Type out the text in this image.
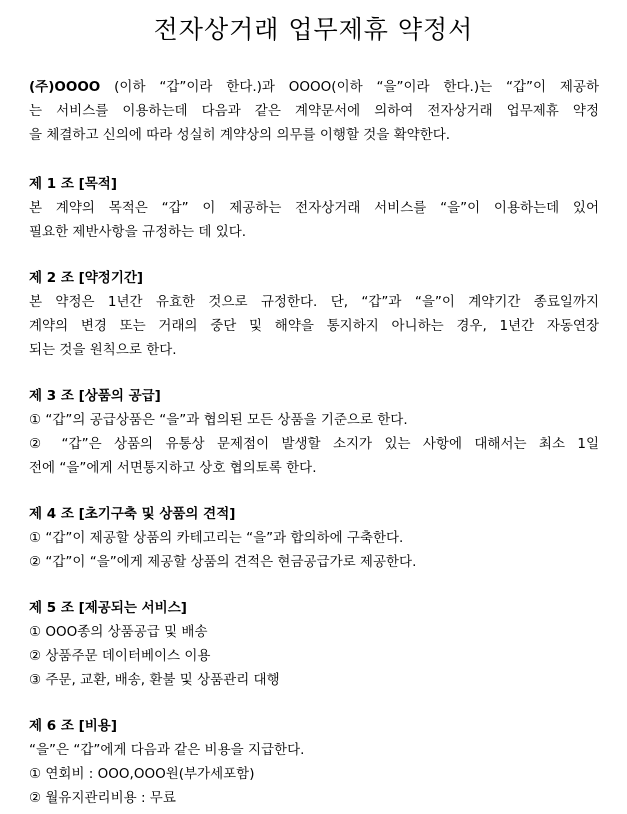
전자상거래 업무제휴 약정서
(주)OOOO (이하 “갑”이라 한다.)과 OOOO(이하 “을”이라 한다.)는 “갑”이 제공하
는 서비스를 이용하는데 다음과 같은 계약문서에 의하여 전자상거래 업무제휴 약정
을 체결하고 신의에 따라 성실히 계약상의 의무를 이행할 것을 확약한다.
제 1 조 [목적]
본 계약의 목적은 “갑” 이 제공하는 전자상거래 서비스를 “을”이 이용하는데 있어
필요한 제반사항을 규정하는 데 있다.
제 2 조 [약정기간]
본 약정은 1년간 유효한 것으로 규정한다. 단, “갑”과 “을”이 계약기간 종료일까지
계약의 변경 또는 거래의 중단 및 해약을 통지하지 아니하는 경우, 1년간 자동연장
되는 것을 원칙으로 한다.
제 3 조 [상품의 공급]
① “갑”의 공급상품은 “을”과 협의된 모든 상품을 기준으로 한다.
② “갑”은 상품의 유통상 문제점이 발생할 소지가 있는 사항에 대해서는 최소 1일
전에 “을”에게 서면통지하고 상호 협의토록 한다.
제 4 조 [초기구축 및 상품의 견적]
① “갑”이 제공할 상품의 카테고리는 “을”과 합의하에 구축한다.
② “갑”이 “을”에게 제공할 상품의 견적은 현금공급가로 제공한다.
제 5 조 [제공되는 서비스]
① OOO종의 상품공급 및 배송
② 상품주문 데이터베이스 이용
③ 주문, 교환, 배송, 환불 및 상품관리 대행
제 6 조 [비용]
“을”은 “갑”에게 다음과 같은 비용을 지급한다.
① 연회비 : OOO,OOO원(부가세포함)
② 월유지관리비용 : 무료
